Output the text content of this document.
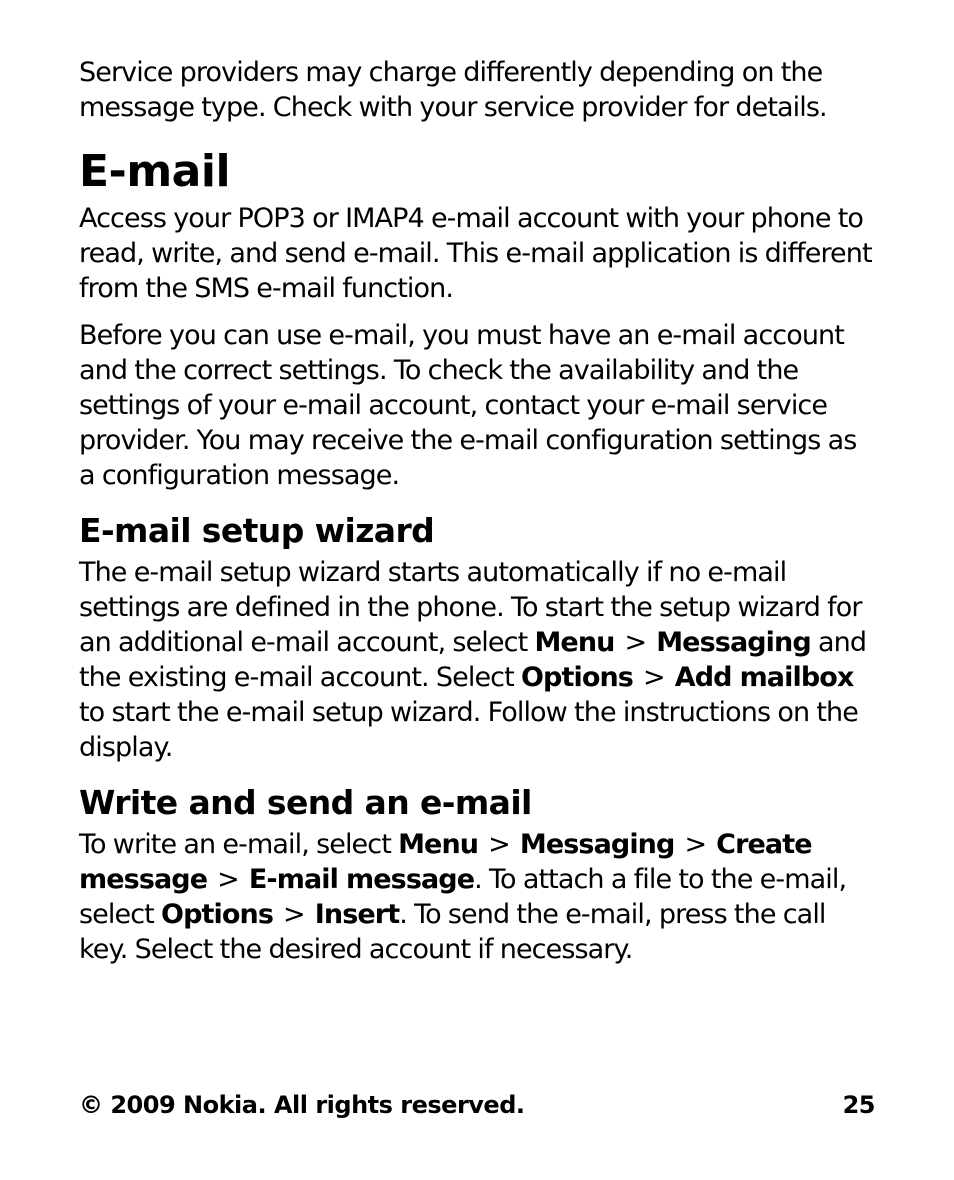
Service providers may charge differently depending on the message type. Check with your service provider for details.

E-mail

Access your POP3 or IMAP4 e-mail account with your phone to read, write, and send e-mail. This e-mail application is different from the SMS e-mail function.

Before you can use e-mail, you must have an e-mail account and the correct settings. To check the availability and the settings of your e-mail account, contact your e-mail service provider. You may receive the e-mail configuration settings as a configuration message.

E-mail setup wizard

The e-mail setup wizard starts automatically if no e-mail settings are defined in the phone. To start the setup wizard for an additional e-mail account, select Menu > Messaging and the existing e-mail account. Select Options > Add mailbox to start the e-mail setup wizard. Follow the instructions on the display.

Write and send an e-mail

To write an e-mail, select Menu > Messaging > Create message > E-mail message. To attach a file to the e-mail, select Options > Insert. To send the e-mail, press the call key. Select the desired account if necessary.

© 2009 Nokia. All rights reserved.	25
